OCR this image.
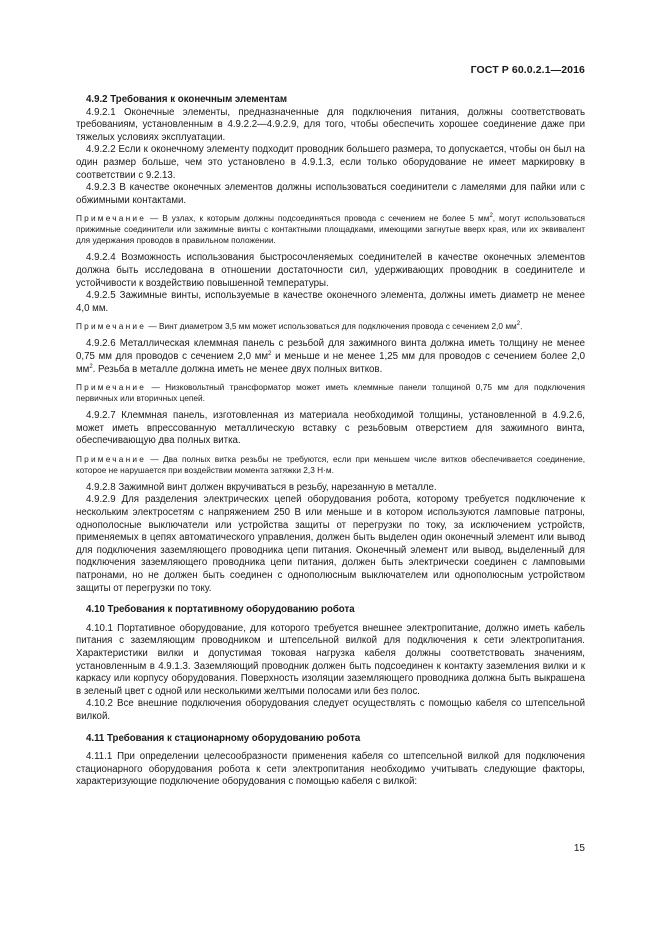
ГОСТ Р 60.0.2.1—2016

4.9.2 Требования к оконечным элементам

4.9.2.1 Оконечные элементы, предназначенные для подключения питания, должны соответствовать требованиям, установленным в 4.9.2.2—4.9.2.9, для того, чтобы обеспечить хорошее соединение даже при тяжелых условиях эксплуатации.

4.9.2.2 Если к оконечному элементу подходит проводник большего размера, то допускается, чтобы он был на один размер больше, чем это установлено в 4.9.1.3, если только оборудование не имеет маркировку в соответствии с 9.2.13.

4.9.2.3 В качестве оконечных элементов должны использоваться соединители с ламелями для пайки или с обжимными контактами.

Примечание — В узлах, к которым должны подсоединяться провода с сечением не более 5 $мм^2$, могут использоваться прижимные соединители или зажимные винты с контактными площадками, имеющими загнутые вверх края, или их эквивалент для удержания проводов в правильном положении.

4.9.2.4 Возможность использования быстросочленяемых соединителей в качестве оконечных элементов должна быть исследована в отношении достаточности сил, удерживающих проводник в соединителе и устойчивости к воздействию повышенной температуры.

4.9.2.5 Зажимные винты, используемые в качестве оконечного элемента, должны иметь диаметр не менее 4,0 мм.

Примечание — Винт диаметром 3,5 мм может использоваться для подключения провода с сечением 2,0 $мм^2$.

4.9.2.6 Металлическая клеммная панель с резьбой для зажимного винта должна иметь толщину не менее 0,75 мм для проводов с сечением 2,0 $мм^2$ и меньше и не менее 1,25 мм для проводов с сечением более 2,0 $мм^2$. Резьба в металле должна иметь не менее двух полных витков.

Примечание — Низковольтный трансформатор может иметь клеммные панели толщиной 0,75 мм для подключения первичных или вторичных цепей.

4.9.2.7 Клеммная панель, изготовленная из материала необходимой толщины, установленной в 4.9.2.6, может иметь впрессованную металлическую вставку с резьбовым отверстием для зажимного винта, обеспечивающую два полных витка.

Примечание — Два полных витка резьбы не требуются, если при меньшем числе витков обеспечивается соединение, которое не нарушается при воздействии момента затяжки 2,3 Н·м.

4.9.2.8 Зажимной винт должен вкручиваться в резьбу, нарезанную в металле.

4.9.2.9 Для разделения электрических цепей оборудования робота, которому требуется подключение к нескольким электросетям с напряжением 250 В или меньше и в котором используются ламповые патроны, однополосные выключатели или устройства защиты от перегрузки по току, за исключением устройств, применяемых в цепях автоматического управления, должен быть выделен один оконечный элемент или вывод для подключения заземляющего проводника цепи питания. Оконечный элемент или вывод, выделенный для подключения заземляющего проводника цепи питания, должен быть электрически соединен с ламповыми патронами, но не должен быть соединен с однополюсным выключателем или однополюсным устройством защиты от перегрузки по току.

4.10 Требования к портативному оборудованию робота

4.10.1 Портативное оборудование, для которого требуется внешнее электропитание, должно иметь кабель питания с заземляющим проводником и штепсельной вилкой для подключения к сети электропитания. Характеристики вилки и допустимая токовая нагрузка кабеля должны соответствовать значениям, установленным в 4.9.1.3. Заземляющий проводник должен быть подсоединен к контакту заземления вилки и к каркасу или корпусу оборудования. Поверхность изоляции заземляющего проводника должна быть выкрашена в зеленый цвет с одной или несколькими желтыми полосами или без полос.

4.10.2 Все внешние подключения оборудования следует осуществлять с помощью кабеля со штепсельной вилкой.

4.11 Требования к стационарному оборудованию робота

4.11.1 При определении целесообразности применения кабеля со штепсельной вилкой для подключения стационарного оборудования робота к сети электропитания необходимо учитывать следующие факторы, характеризующие подключение оборудования с помощью кабеля с вилкой:

15
